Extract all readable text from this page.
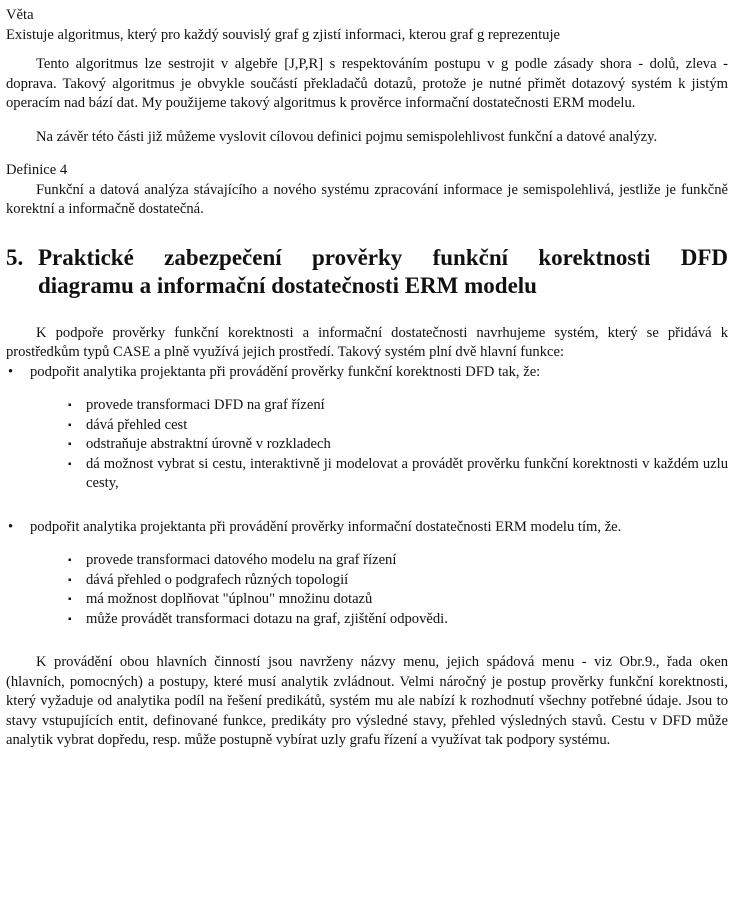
Věta

Existuje algoritmus, který pro každý souvislý graf g zjistí informaci, kterou graf g reprezentuje

Tento algoritmus lze sestrojit v algebře [J,P,R] s respektováním postupu v g podle zásady shora - dolů, zleva - doprava. Takový algoritmus je obvykle součástí překladačů dotazů, protože je nutné přimět dotazový systém k jistým operacím nad bází dat. My použijeme takový algoritmus k prověrce informační dostatečnosti ERM modelu.

Na závěr této části již můžeme vyslovit cílovou definici pojmu semispolehlivost funkční a datové analýzy.

Definice 4

Funkční a datová analýza stávajícího a nového systému zpracování informace je semispolehlivá, jestliže je funkčně korektní a informačně dostatečná.

5. Praktické zabezpečení prověrky funkční korektnosti DFD
diagramu a informační dostatečnosti ERM modelu

K podpoře prověrky funkční korektnosti a informační dostatečnosti navrhujeme systém, který se přidává k prostředkům typů CASE a plně využívá jejich prostředí. Takový systém plní dvě hlavní funkce:

•	podpořit analytika projektanta při provádění prověrky funkční korektnosti DFD tak, že:
▪ provede transformaci DFD na graf řízení
▪ dává přehled cest
▪ odstraňuje abstraktní úrovně v rozkladech
▪ dá možnost vybrat si cestu, interaktivně ji modelovat a provádět prověrku funkční korektnosti v každém uzlu cesty,
•	podpořit analytika projektanta při provádění prověrky informační dostatečnosti ERM modelu tím, že.
▪ provede transformaci datového modelu na graf řízení
▪ dává přehled o podgrafech různých topologií
▪ má možnost doplňovat "úplnou" množinu dotazů
▪ může provádět transformaci dotazu na graf, zjištění odpovědi.

K provádění obou hlavních činností jsou navrženy názvy menu, jejich spádová menu - viz Obr.9., řada oken (hlavních, pomocných) a postupy, které musí analytik zvládnout. Velmi náročný je postup prověrky funkční korektnosti, který vyžaduje od analytika podíl na řešení predikátů, systém mu ale nabízí k rozhodnutí všechny potřebné údaje. Jsou to stavy vstupujících entit, definované funkce, predikáty pro výsledné stavy, přehled výsledných stavů. Cestu v DFD může analytik vybrat dopředu, resp. může postupně vybírat uzly grafu řízení a využívat tak podpory systému.
